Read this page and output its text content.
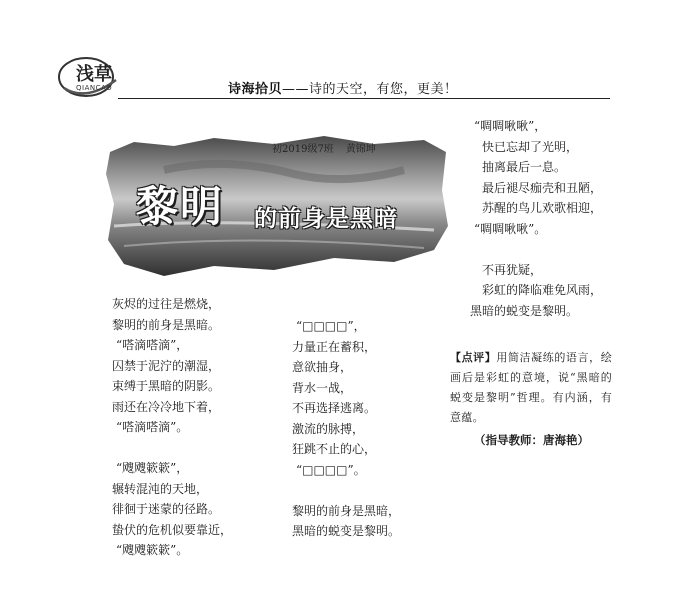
浅草
QIANCAO	诗海拾贝——诗的天空，有您，更美！
初2019级7班 黄锦坤
黎明 的前身是黑暗

灰烬的过往是燃烧，

黎明的前身是黑暗。

“嗒滴嗒滴”，

囚禁于泥泞的潮湿，

束缚于黑暗的阴影。

雨还在冷冷地下着，

“嗒滴嗒滴”。

“飕飕簌簌”，

辗转混沌的天地，

徘徊于迷蒙的径路。

蛰伏的危机似要靠近，

“飕飕簌簌”。

“□□□□”，

力量正在蓄积，

意欲抽身，

背水一战，

不再选择逃离。

激流的脉搏，

狂跳不止的心，

“□□□□”。

黎明的前身是黑暗，

黑暗的蜕变是黎明。

“啁啁啾啾”，

快已忘却了光明，

抽离最后一息。

最后褪尽痂壳和丑陋，

苏醒的鸟儿欢歌相迎，

“啁啁啾啾”。

不再犹疑，

彩虹的降临难免风雨，

黑暗的蜕变是黎明。

【点评】用简洁凝练的语言，绘画后是彩虹的意境，说“黑暗的蜕变是黎明”哲理。有内涵，有意蕴。
（指导教师：唐海艳）
